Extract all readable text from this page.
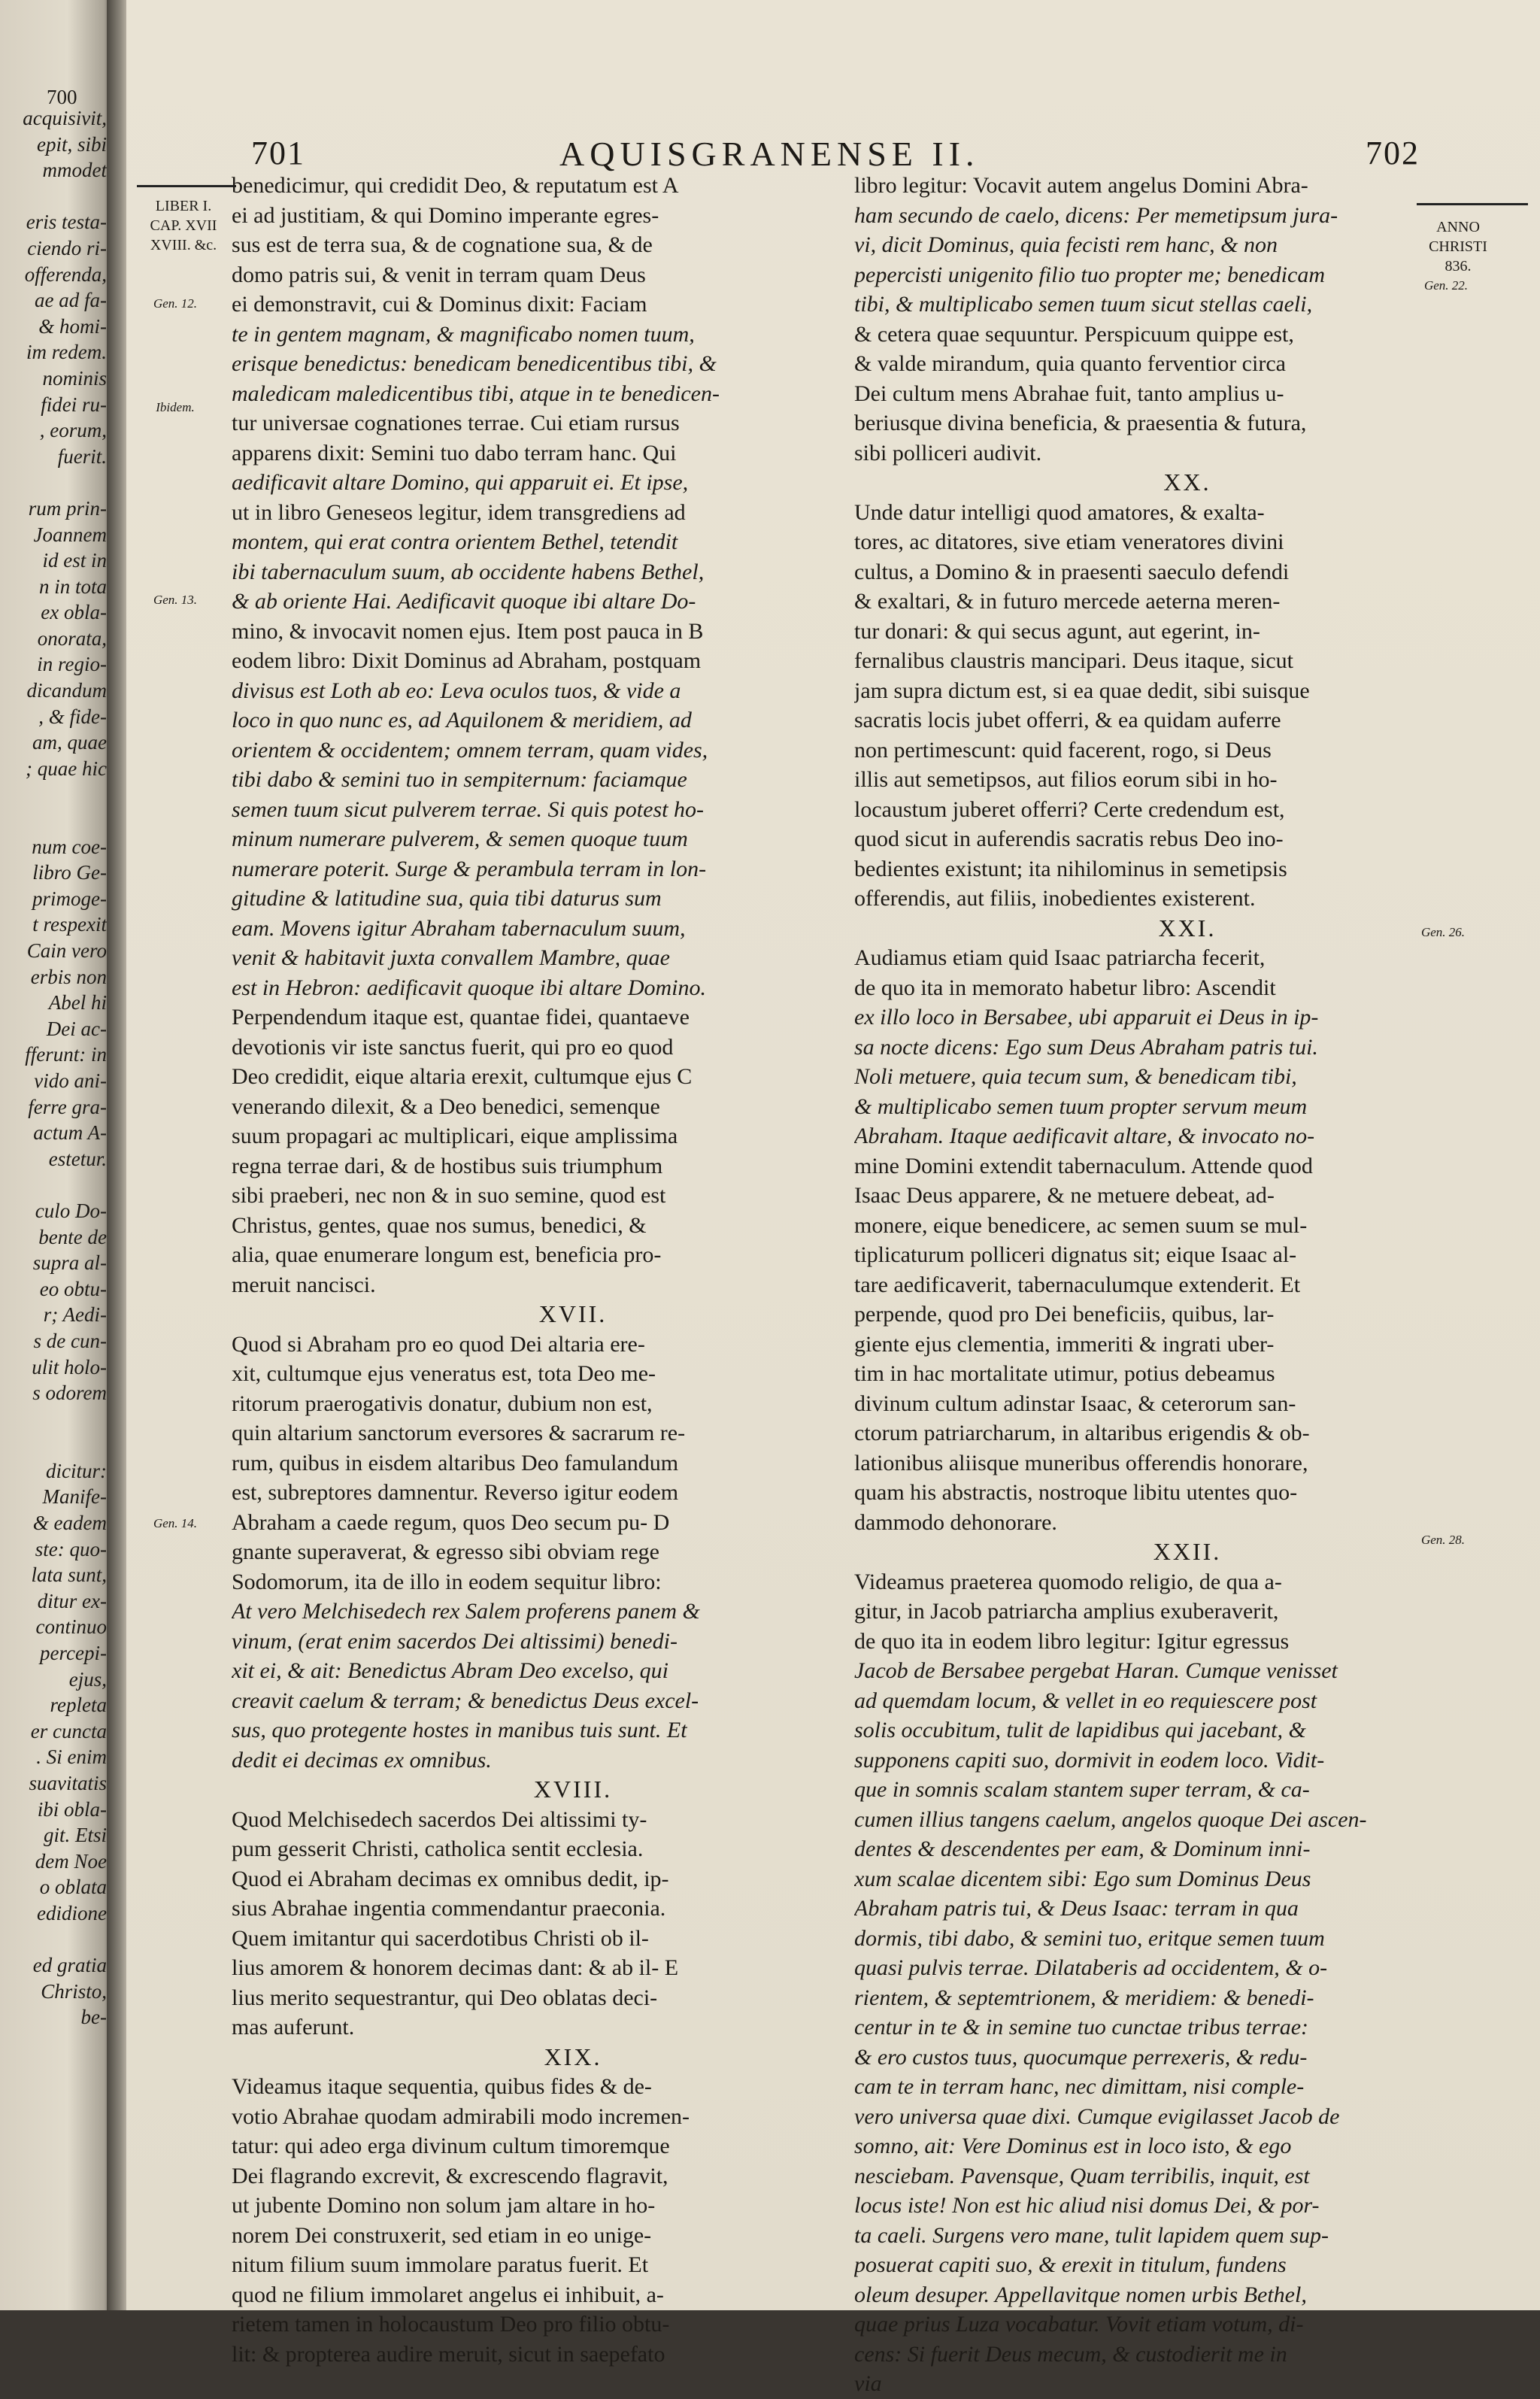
700
acquisivit,
epit, sibi
mmodet
eris testa-
ciendo ri-
offerenda,
ae ad fa-
& homi-
im redem.
nominis
fidei ru-
, eorum,
fuerit.
rum prin-
Joannem
id est in
n in tota
ex obla-
onorata,
in regio-
dicandum
, & fide-
am, quae
; quae hic
num coe-
libro Ge-
primoge-
t respexit
Cain vero
erbis non
Abel hi
Dei ac-
fferunt: in
vido ani-
ferre gra-
actum A-
estetur.
culo Do-
bente de
supra al-
eo obtu-
r; Aedi-
s de cun-
ulit holo-
s odorem
dicitur:
Manife-
& eadem
ste: quo-
lata sunt,
ditur ex-
continuo
percepi-
ejus,
repleta
er cuncta
. Si enim
suavitatis
ibi obla-
git. Etsi
dem Noe
o oblata
edidione
ed gratia
Christo,
be-
701	AQUISGRANENSE II.	702
LIBER I.
CAP. XVII
XVIII. &c.
Gen. 12.
Ibidem.
Gen. 13.
Gen. 14.
ANNO
CHRISTI
836.
Gen. 22.
Gen. 26.
Gen. 28.
benedicimur, qui credidit Deo, & reputatum est A
ei ad justitiam, & qui Domino imperante egres-
sus est de terra sua, & de cognatione sua, & de
domo patris sui, & venit in terram quam Deus
ei demonstravit, cui & Dominus dixit: Faciam
te in gentem magnam, & magnificabo nomen tuum,
erisque benedictus: benedicam benedicentibus tibi, &
maledicam maledicentibus tibi, atque in te benedicen-
tur universae cognationes terrae. Cui etiam rursus
apparens dixit: Semini tuo dabo terram hanc. Qui
aedificavit altare Domino, qui apparuit ei. Et ipse,
ut in libro Geneseos legitur, idem transgrediens ad
montem, qui erat contra orientem Bethel, tetendit
ibi tabernaculum suum, ab occidente habens Bethel,
& ab oriente Hai. Aedificavit quoque ibi altare Do-
mino, & invocavit nomen ejus. Item post pauca in B
eodem libro: Dixit Dominus ad Abraham, postquam
divisus est Loth ab eo: Leva oculos tuos, & vide a
loco in quo nunc es, ad Aquilonem & meridiem, ad
orientem & occidentem; omnem terram, quam vides,
tibi dabo & semini tuo in sempiternum: faciamque
semen tuum sicut pulverem terrae. Si quis potest ho-
minum numerare pulverem, & semen quoque tuum
numerare poterit. Surge & perambula terram in lon-
gitudine & latitudine sua, quia tibi daturus sum
eam. Movens igitur Abraham tabernaculum suum,
venit & habitavit juxta convallem Mambre, quae
est in Hebron: aedificavit quoque ibi altare Domino.
Perpendendum itaque est, quantae fidei, quantaeve
devotionis vir iste sanctus fuerit, qui pro eo quod
Deo credidit, eique altaria erexit, cultumque ejus C
venerando dilexit, & a Deo benedici, semenque
suum propagari ac multiplicari, eique amplissima
regna terrae dari, & de hostibus suis triumphum
sibi praeberi, nec non & in suo semine, quod est
Christus, gentes, quae nos sumus, benedici, &
alia, quae enumerare longum est, beneficia pro-
meruit nancisci.
XVII.
Quod si Abraham pro eo quod Dei altaria ere-
xit, cultumque ejus veneratus est, tota Deo me-
ritorum praerogativis donatur, dubium non est,
quin altarium sanctorum eversores & sacrarum re-
rum, quibus in eisdem altaribus Deo famulandum
est, subreptores damnentur. Reverso igitur eodem
Abraham a caede regum, quos Deo secum pu- D
gnante superaverat, & egresso sibi obviam rege
Sodomorum, ita de illo in eodem sequitur libro:
At vero Melchisedech rex Salem proferens panem &
vinum, (erat enim sacerdos Dei altissimi) benedi-
xit ei, & ait: Benedictus Abram Deo excelso, qui
creavit caelum & terram; & benedictus Deus excel-
sus, quo protegente hostes in manibus tuis sunt. Et
dedit ei decimas ex omnibus.
XVIII.
Quod Melchisedech sacerdos Dei altissimi ty-
pum gesserit Christi, catholica sentit ecclesia.
Quod ei Abraham decimas ex omnibus dedit, ip-
sius Abrahae ingentia commendantur praeconia.
Quem imitantur qui sacerdotibus Christi ob il-
lius amorem & honorem decimas dant: & ab il- E
lius merito sequestrantur, qui Deo oblatas deci-
mas auferunt.
XIX.
Videamus itaque sequentia, quibus fides & de-
votio Abrahae quodam admirabili modo incremen-
tatur: qui adeo erga divinum cultum timoremque
Dei flagrando excrevit, & excrescendo flagravit,
ut jubente Domino non solum jam altare in ho-
norem Dei construxerit, sed etiam in eo unige-
nitum filium suum immolare paratus fuerit. Et
quod ne filium immolaret angelus ei inhibuit, a-
rietem tamen in holocaustum Deo pro filio obtu-
lit: & propterea audire meruit, sicut in saepefato
libro legitur: Vocavit autem angelus Domini Abra-
ham secundo de caelo, dicens: Per memetipsum jura-
vi, dicit Dominus, quia fecisti rem hanc, & non
pepercisti unigenito filio tuo propter me; benedicam
tibi, & multiplicabo semen tuum sicut stellas caeli,
& cetera quae sequuntur. Perspicuum quippe est,
& valde mirandum, quia quanto ferventior circa
Dei cultum mens Abrahae fuit, tanto amplius u-
beriusque divina beneficia, & praesentia & futura,
sibi polliceri audivit.
XX.
Unde datur intelligi quod amatores, & exalta-
tores, ac ditatores, sive etiam veneratores divini
cultus, a Domino & in praesenti saeculo defendi
& exaltari, & in futuro mercede aeterna meren-
tur donari: & qui secus agunt, aut egerint, in-
fernalibus claustris mancipari. Deus itaque, sicut
jam supra dictum est, si ea quae dedit, sibi suisque
sacratis locis jubet offerri, & ea quidam auferre
non pertimescunt: quid facerent, rogo, si Deus
illis aut semetipsos, aut filios eorum sibi in ho-
locaustum juberet offerri? Certe credendum est,
quod sicut in auferendis sacratis rebus Deo ino-
bedientes existunt; ita nihilominus in semetipsis
offerendis, aut filiis, inobedientes existerent.
XXI.
Audiamus etiam quid Isaac patriarcha fecerit,
de quo ita in memorato habetur libro: Ascendit
ex illo loco in Bersabee, ubi apparuit ei Deus in ip-
sa nocte dicens: Ego sum Deus Abraham patris tui.
Noli metuere, quia tecum sum, & benedicam tibi,
& multiplicabo semen tuum propter servum meum
Abraham. Itaque aedificavit altare, & invocato no-
mine Domini extendit tabernaculum. Attende quod
Isaac Deus apparere, & ne metuere debeat, ad-
monere, eique benedicere, ac semen suum se mul-
tiplicaturum polliceri dignatus sit; eique Isaac al-
tare aedificaverit, tabernaculumque extenderit. Et
perpende, quod pro Dei beneficiis, quibus, lar-
giente ejus clementia, immeriti & ingrati uber-
tim in hac mortalitate utimur, potius debeamus
divinum cultum adinstar Isaac, & ceterorum san-
ctorum patriarcharum, in altaribus erigendis & ob-
lationibus aliisque muneribus offerendis honorare,
quam his abstractis, nostroque libitu utentes quo-
dammodo dehonorare.
XXII.
Videamus praeterea quomodo religio, de qua a-
gitur, in Jacob patriarcha amplius exuberaverit,
de quo ita in eodem libro legitur: Igitur egressus
Jacob de Bersabee pergebat Haran. Cumque venisset
ad quemdam locum, & vellet in eo requiescere post
solis occubitum, tulit de lapidibus qui jacebant, &
supponens capiti suo, dormivit in eodem loco. Vidit-
que in somnis scalam stantem super terram, & ca-
cumen illius tangens caelum, angelos quoque Dei ascen-
dentes & descendentes per eam, & Dominum inni-
xum scalae dicentem sibi: Ego sum Dominus Deus
Abraham patris tui, & Deus Isaac: terram in qua
dormis, tibi dabo, & semini tuo, eritque semen tuum
quasi pulvis terrae. Dilataberis ad occidentem, & o-
rientem, & septemtrionem, & meridiem: & benedi-
centur in te & in semine tuo cunctae tribus terrae:
& ero custos tuus, quocumque perrexeris, & redu-
cam te in terram hanc, nec dimittam, nisi comple-
vero universa quae dixi. Cumque evigilasset Jacob de
somno, ait: Vere Dominus est in loco isto, & ego
nesciebam. Pavensque, Quam terribilis, inquit, est
locus iste! Non est hic aliud nisi domus Dei, & por-
ta caeli. Surgens vero mane, tulit lapidem quem sup-
posuerat capiti suo, & erexit in titulum, fundens
oleum desuper. Appellavitque nomen urbis Bethel,
quae prius Luza vocabatur. Vovit etiam votum, di-
cens: Si fuerit Deus mecum, & custodierit me in
via
